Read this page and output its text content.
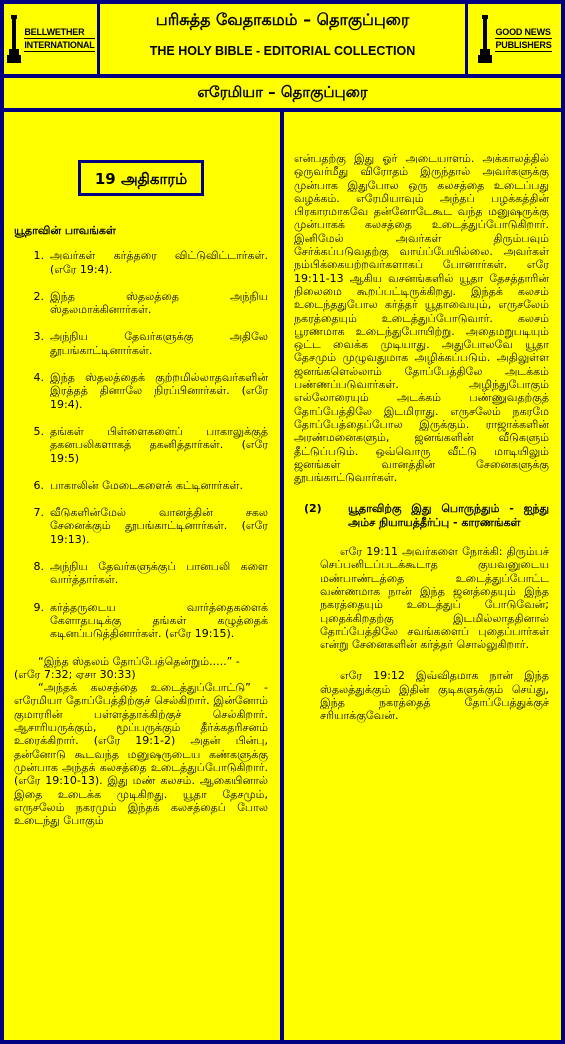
BELLWETHER
INTERNATIONAL
பரிசுத்த வேதாகமம் – தொகுப்புரை
THE HOLY BIBLE - EDITORIAL COLLECTION
GOOD NEWS
PUBLISHERS
எரேமியா – தொகுப்புரை
19 அதிகாரம்
யூதாவின் பாவங்கள்
1. அவர்கள் கர்த்தரை விட்டுவிட்டார்கள். (எரே 19:4).
2. இந்த ஸ்தலத்தை அந்நிய ஸ்தலமாக்கினார்கள்.
3. அந்நிய தேவர்களுக்கு அதிலே தூபங்காட்டினார்கள்.
4. இந்த ஸ்தலத்தைக் குற்றமில்லாதவர்களின் இரத்தத் தினாலே நிரப்பினார்கள். (எரே 19:4).
5. தங்கள் பிள்ளைகளைப் பாகாலுக்குத் தகனபலிகளாகத் தகனித்தார்கள். (எரே 19:5)
6. பாகாலின் மேடைகளைக் கட்டினார்கள்.
7. வீடுகளின்மேல் வானத்தின் சகல சேனைக்கும் தூபங்காட்டினார்கள். (எரே 19:13).
8. அந்நிய தேவர்களுக்குப் பானபலி களை வார்த்தார்கள்.
9. கர்த்தருடைய வார்த்தைகளைக் கேளாதபடிக்கு தங்கள் கழுத்தைக் கடினப்படுத்தினார்கள். (எரே 19:15).

“இந்த ஸ்தலம் தோப்பேத்தென்றும்.....” - (எரே 7:32; ஏசா 30:33)

“அந்தக் கலசத்தை உடைத்துப்போட்டு” - எரேமியா தோப்பேத்திற்குச் செல்கிறார். இன்னோம் குமாரரின் பள்ளத்தாக்கிற்குச் செல்கிறார். ஆசாரியருக்கும், மூப்பருக்கும் தீர்க்கதரிசனம் உரைக்கிறார். (எரே 19:1-2) அதன் பின்பு, தன்னோடு கூடவந்த மனுஷருடைய கண்களுக்கு முன்பாக அந்தக் கலசத்தை உடைத்துப்போடுகிறார். (எரே 19:10-13). இது மண் கலசம். ஆகையினால் இதை உடைக்க முடிகிறது. யூதா தேசமும், எருசலேம் நகரமும் இந்தக் கலசத்தைப் போல உடைந்து போகும்

என்பதற்கு இது ஓர் அடையாளம். அக்காலத்தில் ஒருவர்மீது விரோதம் இருந்தால் அவர்களுக்கு முன்பாக இதுபோல ஒரு கலசத்தை உடைப்பது வழக்கம். எரேமியாவும் அந்தப் பழக்கத்தின் பிரகாரமாகவே தன்னோடேகூட வந்த மனுஷருக்கு முன்பாகக் கலசத்தை உடைத்துப்போடுகிறார். இனிமேல் அவர்கள் திரும்பவும் சேர்க்கப்படுவதற்கு வாய்ப்பேயில்லை. அவர்கள் நம்பிக்கையற்றவர்களாகப் போனார்கள். எரே 19:11-13 ஆகிய வசனங்களில் யூதா தேசத்தாரின் நிலைமை கூறப்பட்டிருக்கிறது. இந்தக் கலசம் உடைந்ததுபோல கர்த்தர் யூதாவையும், எருசலேம் நகரத்தையும் உடைத்துப்போடுவார். கலசம் பூரணமாக உடைந்துபோயிற்று. அதைமறுபடியும் ஒட்ட வைக்க முடியாது. அதுபோலவே யூதா தேசமும் முழுவதுமாக அழிக்கப்படும். அதிலுள்ள ஜனங்களெல்லாம் தோப்பேத்திலே அடக்கம் பண்ணப்படுவார்கள். அழிந்துபோகும் எல்லோரையும் அடக்கம் பண்ணுவதற்குத் தோப்பேத்திலே இடமிராது. எருசலேம் நகரமே தோப்பேத்தைப்போல இருக்கும். ராஜாக்களின் அரண்மனைகளும், ஜனங்களின் வீடுகளும் தீட்டுப்படும். ஒவ்வொரு வீட்டு மாடியிலும் ஜனங்கள் வானத்தின் சேனைகளுக்கு தூபங்காட்டுவார்கள்.

(2)	யூதாவிற்கு இது பொருந்தும் - ஐந்து அம்ச நியாயத்தீர்ப்பு - காரணங்கள்

எரே 19:11 அவர்களை நோக்கி: திரும்பச் செப்பனிடப்படக்கூடாத குயவனுடைய மண்பாண்டத்தை உடைத்துப்போட்ட வண்ணமாக நான் இந்த ஜனத்தையும் இந்த நகரத்தையும் உடைத்துப் போடுவேன்; புதைக்கிறதற்கு இடமில்லாததினால் தோப்பேத்திலே சவங்களைப் புதைப்பார்கள் என்று சேனைகளின் கர்த்தர் சொல்லுகிறார்.

எரே 19:12 இவ்விதமாக நான் இந்த ஸ்தலத்துக்கும் இதின் குடிகளுக்கும் செய்து, இந்த நகரத்தைத் தோப்பேத்துக்குச் சரியாக்குவேன்.
